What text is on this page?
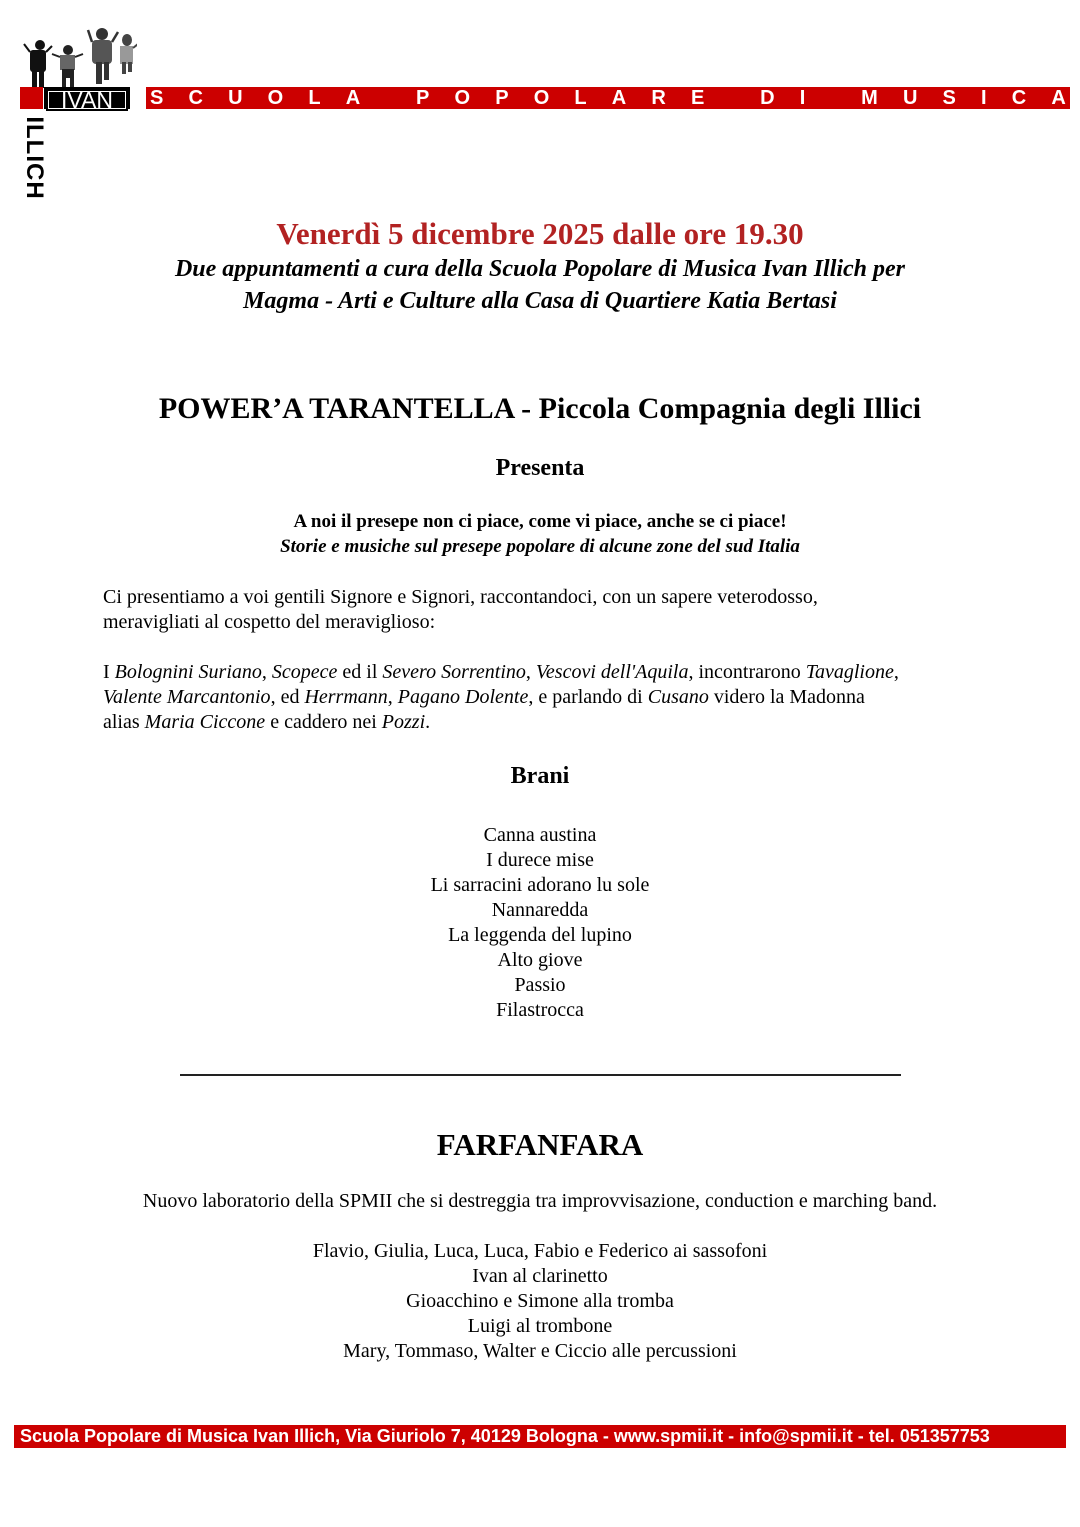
IVAN
ILLICH
S C U O L A
	P O P O L A R E
	D I
	M U S I C A
Venerdì 5 dicembre 2025 dalle ore 19.30
Due appuntamenti a cura della Scuola Popolare di Musica Ivan Illich per
Magma - Arti e Culture alla Casa di Quartiere Katia Bertasi
POWER’A TARANTELLA - Piccola Compagnia degli Illici
Presenta
A noi il presepe non ci piace, come vi piace, anche se ci piace!
Storie e musiche sul presepe popolare di alcune zone del sud Italia
Ci presentiamo a voi gentili Signore e Signori, raccontandoci, con un sapere veterodosso,
meravigliati al cospetto del meraviglioso:
I Bolognini Suriano, Scopece ed il Severo Sorrentino, Vescovi dell'Aquila, incontrarono Tavaglione,
Valente Marcantonio, ed Herrmann, Pagano Dolente, e parlando di Cusano videro la Madonna
alias Maria Ciccone e caddero nei Pozzi.
Brani
Canna austina
I durece mise
Li sarracini adorano lu sole
Nannaredda
La leggenda del lupino
Alto giove
Passio
Filastrocca
FARFANFARA
Nuovo laboratorio della SPMII che si destreggia tra improvvisazione, conduction e marching band.
Flavio, Giulia, Luca, Luca, Fabio e Federico ai sassofoni
Ivan al clarinetto
Gioacchino e Simone alla tromba
Luigi al trombone
Mary, Tommaso, Walter e Ciccio alle percussioni
Scuola Popolare di Musica Ivan Illich, Via Giuriolo 7, 40129 Bologna - www.spmii.it - info@spmii.it - tel. 051357753
